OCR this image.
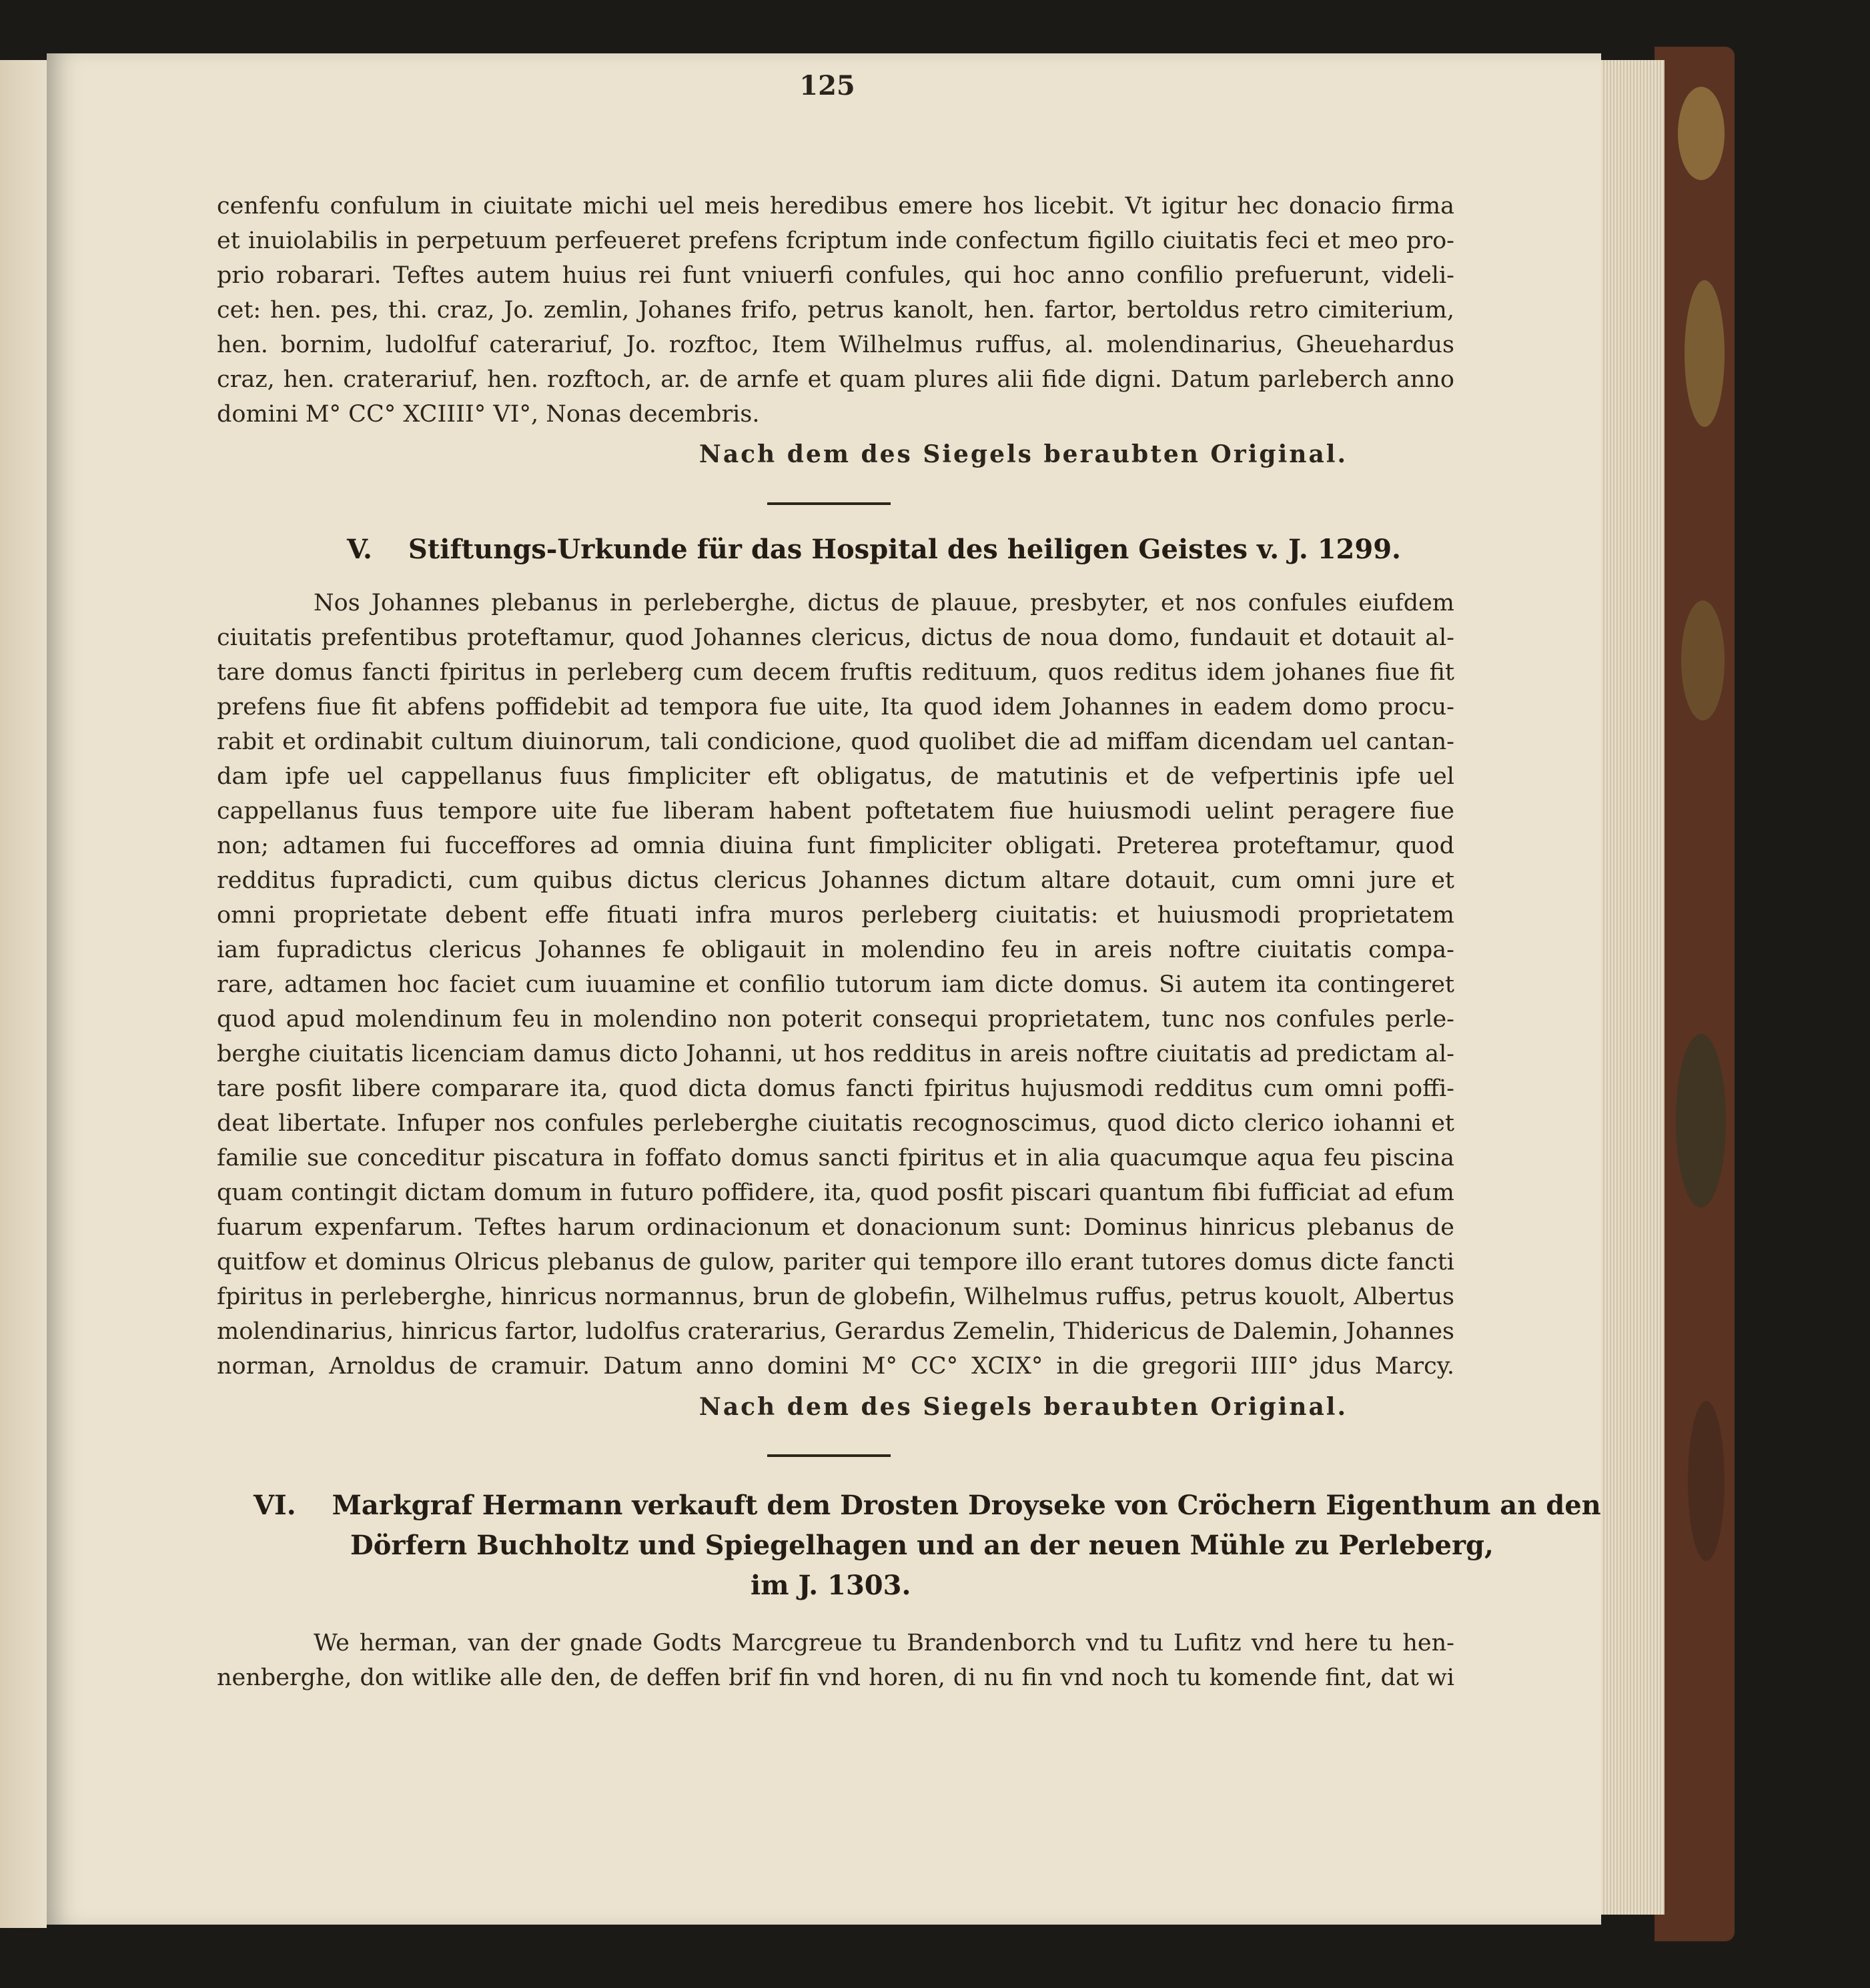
125
cenfenfu confulum in ciuitate michi uel meis heredibus emere hos licebit. Vt igitur hec donacio firma
et inuiolabilis in perpetuum perfeueret prefens fcriptum inde confectum figillo ciuitatis feci et meo pro-
prio robarari. Teftes autem huius rei funt vniuerfi confules, qui hoc anno confilio prefuerunt, videli-
cet: hen. pes, thi. craz, Jo. zemlin, Johanes frifo, petrus kanolt, hen. fartor, bertoldus retro cimiterium,
hen. bornim, ludolfuf caterariuf, Jo. rozftoc, Item Wilhelmus ruffus, al. molendinarius, Gheuehardus
craz, hen. craterariuf, hen. rozftoch, ar. de arnfe et quam plures alii fide digni. Datum parleberch anno
domini M° CC° XCIIII° VI°, Nonas decembris.
Nach dem des Siegels beraubten Original.
V. Stiftungs-Urkunde für das Hospital des heiligen Geistes v. J. 1299.
Nos Johannes plebanus in perleberghe, dictus de plauue, presbyter, et nos confules eiufdem
ciuitatis prefentibus proteftamur, quod Johannes clericus, dictus de noua domo, fundauit et dotauit al-
tare domus fancti fpiritus in perleberg cum decem fruftis redituum, quos reditus idem johanes fiue fit
prefens fiue fit abfens poffidebit ad tempora fue uite, Ita quod idem Johannes in eadem domo procu-
rabit et ordinabit cultum diuinorum, tali condicione, quod quolibet die ad miffam dicendam uel cantan-
dam ipfe uel cappellanus fuus fimpliciter eft obligatus, de matutinis et de vefpertinis ipfe uel
cappellanus fuus tempore uite fue liberam habent poftetatem fiue huiusmodi uelint peragere fiue
non; adtamen fui fucceffores ad omnia diuina funt fimpliciter obligati. Preterea proteftamur, quod
redditus fupradicti, cum quibus dictus clericus Johannes dictum altare dotauit, cum omni jure et
omni proprietate debent effe fituati infra muros perleberg ciuitatis: et huiusmodi proprietatem
iam fupradictus clericus Johannes fe obligauit in molendino feu in areis noftre ciuitatis compa-
rare, adtamen hoc faciet cum iuuamine et confilio tutorum iam dicte domus. Si autem ita contingeret
quod apud molendinum feu in molendino non poterit consequi proprietatem, tunc nos confules perle-
berghe ciuitatis licenciam damus dicto Johanni, ut hos redditus in areis noftre ciuitatis ad predictam al-
tare posfit libere comparare ita, quod dicta domus fancti fpiritus hujusmodi redditus cum omni poffi-
deat libertate. Infuper nos confules perleberghe ciuitatis recognoscimus, quod dicto clerico iohanni et
familie sue conceditur piscatura in foffato domus sancti fpiritus et in alia quacumque aqua feu piscina
quam contingit dictam domum in futuro poffidere, ita, quod posfit piscari quantum fibi fufficiat ad efum
fuarum expenfarum. Teftes harum ordinacionum et donacionum sunt: Dominus hinricus plebanus de
quitfow et dominus Olricus plebanus de gulow, pariter qui tempore illo erant tutores domus dicte fancti
fpiritus in perleberghe, hinricus normannus, brun de globefin, Wilhelmus ruffus, petrus kouolt, Albertus
molendinarius, hinricus fartor, ludolfus craterarius, Gerardus Zemelin, Thidericus de Dalemin, Johannes
norman, Arnoldus de cramuir. Datum anno domini M° CC° XCIX° in die gregorii IIII° jdus Marcy.
Nach dem des Siegels beraubten Original.
VI. Markgraf Hermann verkauft dem Drosten Droyseke von Cröchern Eigenthum an den
Dörfern Buchholtz und Spiegelhagen und an der neuen Mühle zu Perleberg,
im J. 1303.
We herman, van der gnade Godts Marcgreue tu Brandenborch vnd tu Lufitz vnd here tu hen-
nenberghe, don witlike alle den, de deffen brif fin vnd horen, di nu fin vnd noch tu komende fint, dat wi
